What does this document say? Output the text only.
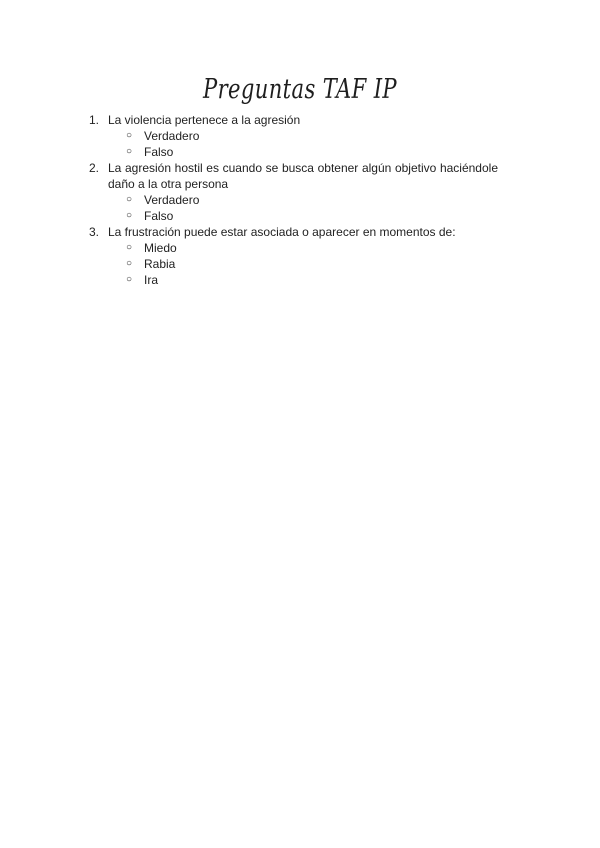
Preguntas TAF IP
1. La violencia pertenece a la agresión
○ Verdadero
○ Falso
2. La agresión hostil es cuando se busca obtener algún objetivo haciéndole daño a la otra persona
○ Verdadero
○ Falso
3. La frustración puede estar asociada o aparecer en momentos de:
○ Miedo
○ Rabia
○ Ira
